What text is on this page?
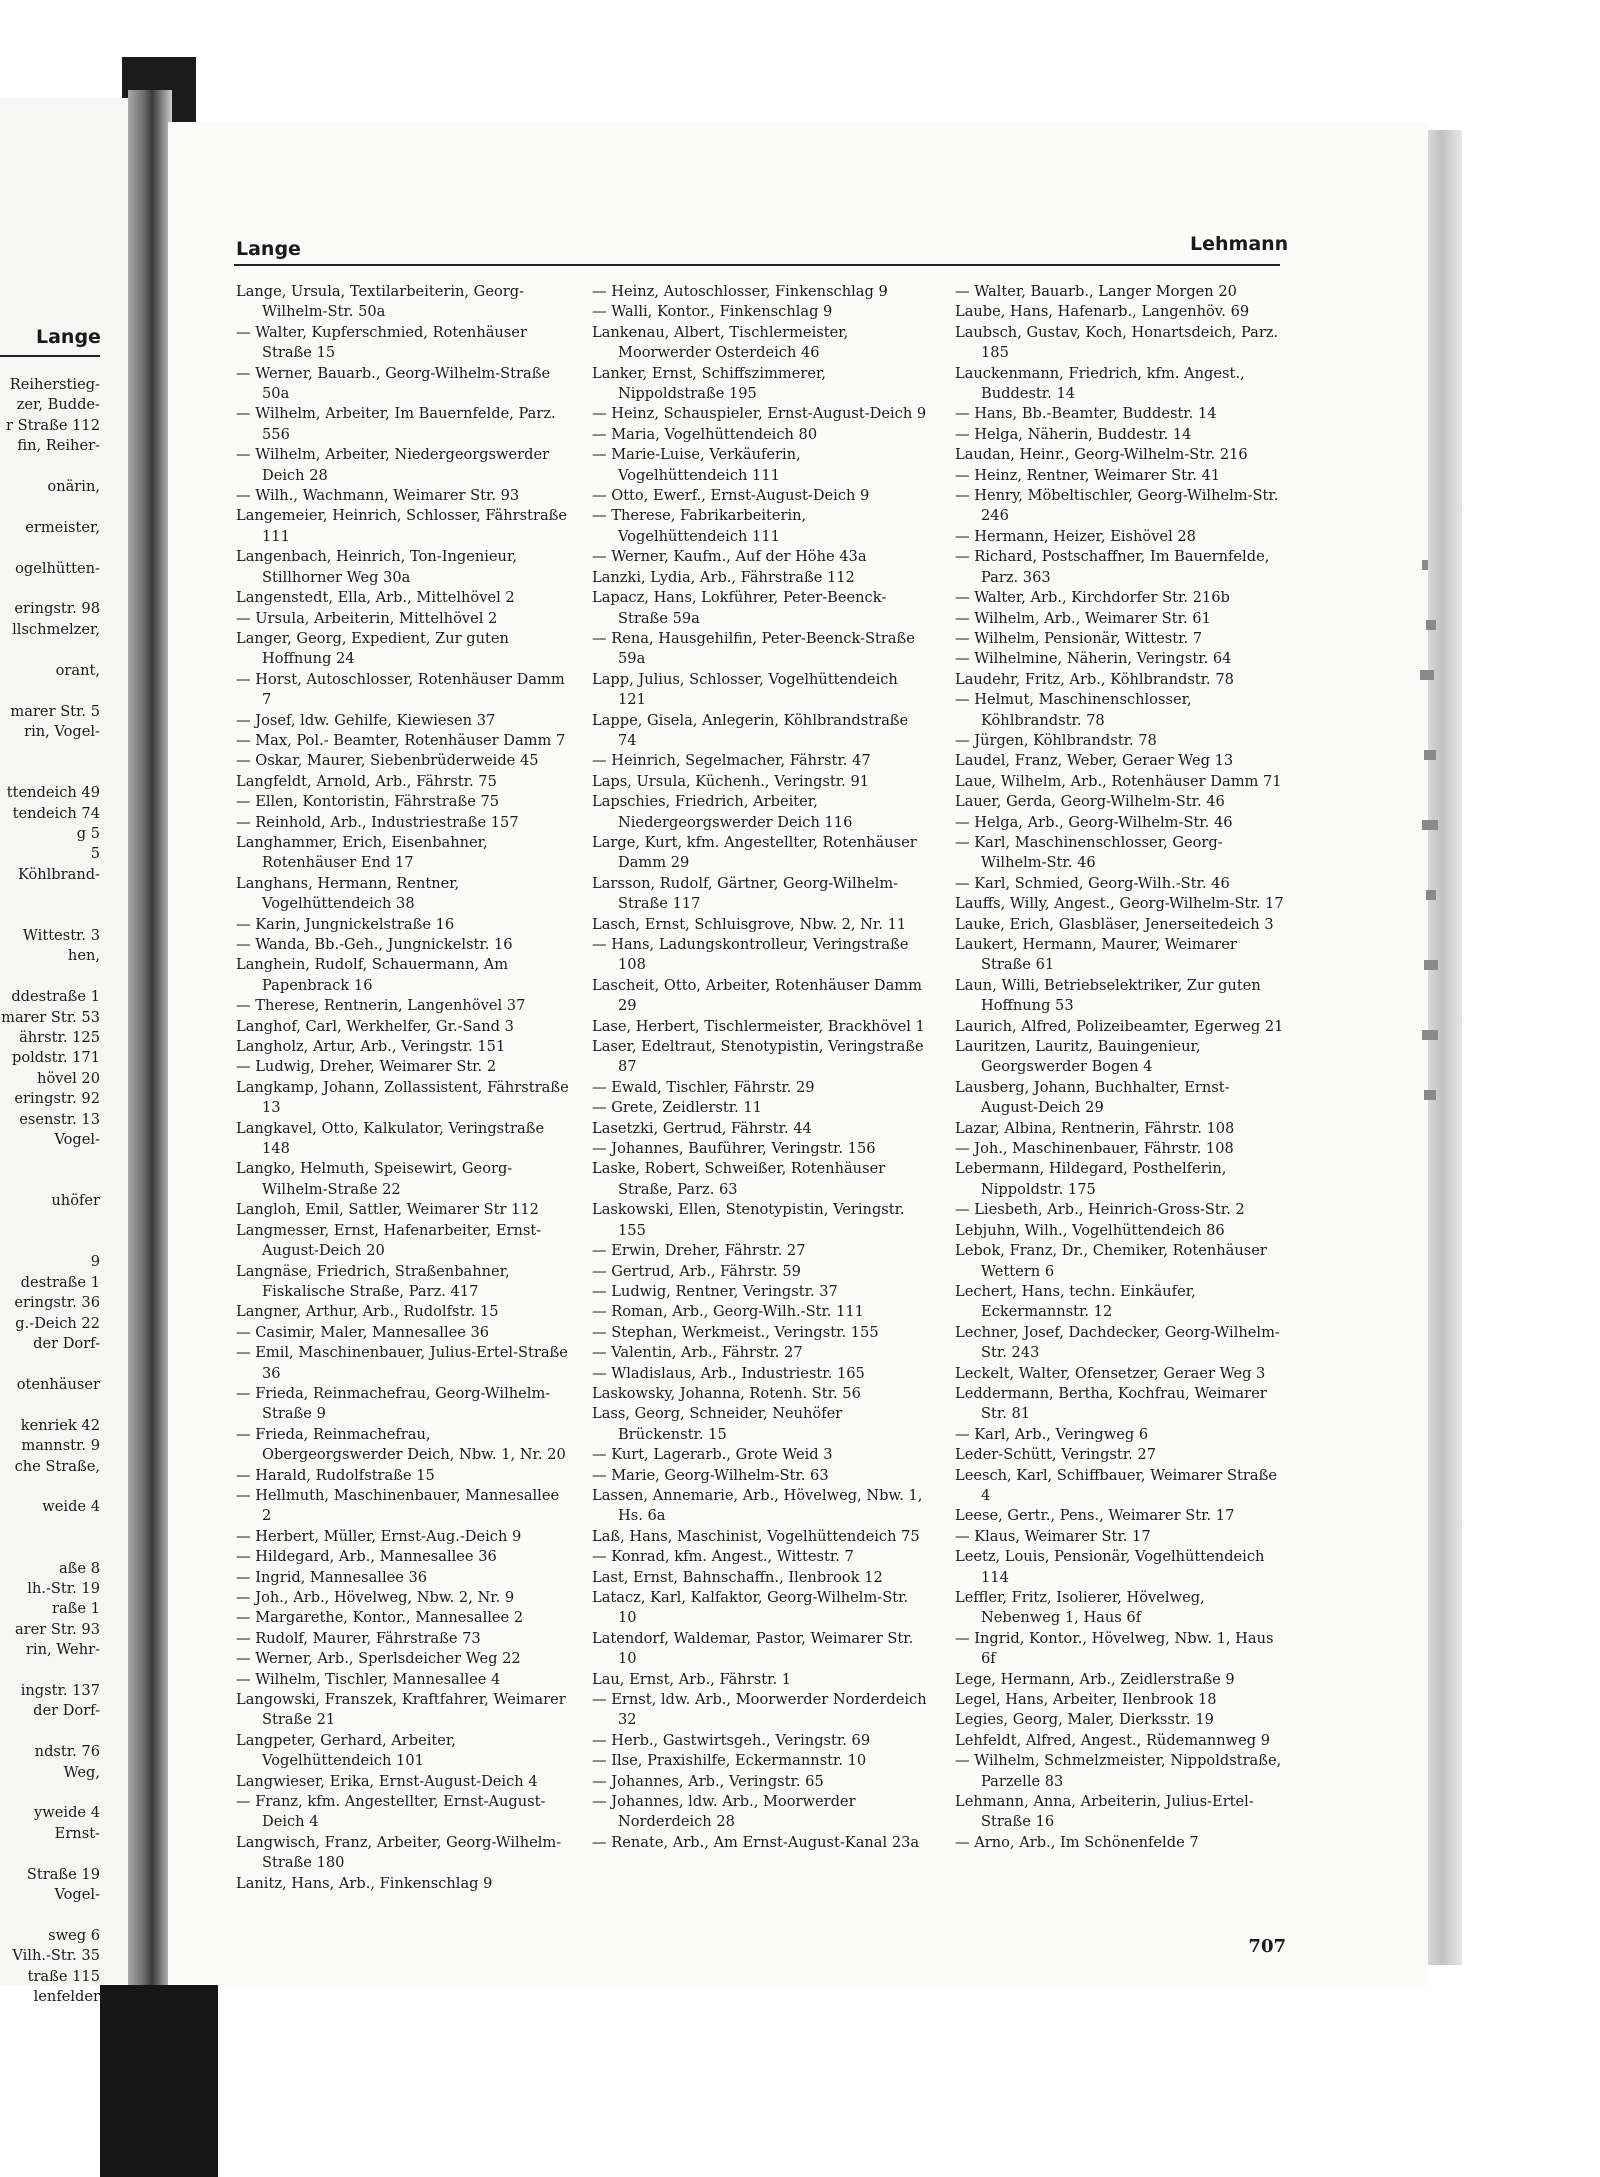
Lange
Reiherstieg-
zer, Budde-
r Straße 112
fin, Reiher-

onärin,

ermeister,

ogelhütten-

eringstr. 98
llschmelzer,

orant,

marer Str. 5
rin, Vogel-

ttendeich 49
tendeich 74
g 5
5
Köhlbrand-

Wittestr. 3
hen,

ddestraße 1
marer Str. 53
ährstr. 125
poldstr. 171
hövel 20
eringstr. 92
esenstr. 13
Vogel-

uhöfer

9
destraße 1
eringstr. 36
g.-Deich 22
der Dorf-

otenhäuser

kenriek 42
mannstr. 9
che Straße,

weide 4

aße 8
lh.-Str. 19
raße 1
arer Str. 93
rin, Wehr-

ingstr. 137
der Dorf-

ndstr. 76
Weg,

yweide 4
Ernst-

Straße 19
Vogel-

sweg 6
Vilh.-Str. 35
traße 115
lenfelder
Lange	Lehmann
Lange, Ursula, Textilarbeiterin, Georg-Wilhelm-Str. 50a
— Walter, Kupferschmied, Rotenhäuser Straße 15
— Werner, Bauarb., Georg-Wilhelm-Straße 50a
— Wilhelm, Arbeiter, Im Bauernfelde, Parz. 556
— Wilhelm, Arbeiter, Niedergeorgswerder Deich 28
— Wilh., Wachmann, Weimarer Str. 93
Langemeier, Heinrich, Schlosser, Fährstraße 111
Langenbach, Heinrich, Ton-Ingenieur, Stillhorner Weg 30a
Langenstedt, Ella, Arb., Mittelhövel 2
— Ursula, Arbeiterin, Mittelhövel 2
Langer, Georg, Expedient, Zur guten Hoffnung 24
— Horst, Autoschlosser, Rotenhäuser Damm 7
— Josef, ldw. Gehilfe, Kiewiesen 37
— Max, Pol.- Beamter, Rotenhäuser Damm 7
— Oskar, Maurer, Siebenbrüderweide 45
Langfeldt, Arnold, Arb., Fährstr. 75
— Ellen, Kontoristin, Fährstraße 75
— Reinhold, Arb., Industriestraße 157
Langhammer, Erich, Eisenbahner, Rotenhäuser End 17
Langhans, Hermann, Rentner, Vogelhüttendeich 38
— Karin, Jungnickelstraße 16
— Wanda, Bb.-Geh., Jungnickelstr. 16
Langhein, Rudolf, Schauermann, Am Papenbrack 16
— Therese, Rentnerin, Langenhövel 37
Langhof, Carl, Werkhelfer, Gr.-Sand 3
Langholz, Artur, Arb., Veringstr. 151
— Ludwig, Dreher, Weimarer Str. 2
Langkamp, Johann, Zollassistent, Fährstraße 13
Langkavel, Otto, Kalkulator, Veringstraße 148
Langko, Helmuth, Speisewirt, Georg-Wilhelm-Straße 22
Langloh, Emil, Sattler, Weimarer Str 112
Langmesser, Ernst, Hafenarbeiter, Ernst-August-Deich 20
Langnäse, Friedrich, Straßenbahner, Fiskalische Straße, Parz. 417
Langner, Arthur, Arb., Rudolfstr. 15
— Casimir, Maler, Mannesallee 36
— Emil, Maschinenbauer, Julius-Ertel-Straße 36
— Frieda, Reinmachefrau, Georg-Wilhelm-Straße 9
— Frieda, Reinmachefrau, Obergeorgswerder Deich, Nbw. 1, Nr. 20
— Harald, Rudolfstraße 15
— Hellmuth, Maschinenbauer, Mannesallee 2
— Herbert, Müller, Ernst-Aug.-Deich 9
— Hildegard, Arb., Mannesallee 36
— Ingrid, Mannesallee 36
— Joh., Arb., Hövelweg, Nbw. 2, Nr. 9
— Margarethe, Kontor., Mannesallee 2
— Rudolf, Maurer, Fährstraße 73
— Werner, Arb., Sperlsdeicher Weg 22
— Wilhelm, Tischler, Mannesallee 4
Langowski, Franszek, Kraftfahrer, Weimarer Straße 21
Langpeter, Gerhard, Arbeiter, Vogelhüttendeich 101
Langwieser, Erika, Ernst-August-Deich 4
— Franz, kfm. Angestellter, Ernst-August-Deich 4
Langwisch, Franz, Arbeiter, Georg-Wilhelm-Straße 180
Lanitz, Hans, Arb., Finkenschlag 9
— Heinz, Autoschlosser, Finkenschlag 9
— Walli, Kontor., Finkenschlag 9
Lankenau, Albert, Tischlermeister, Moorwerder Osterdeich 46
Lanker, Ernst, Schiffszimmerer, Nippoldstraße 195
— Heinz, Schauspieler, Ernst-August-Deich 9
— Maria, Vogelhüttendeich 80
— Marie-Luise, Verkäuferin, Vogelhüttendeich 111
— Otto, Ewerf., Ernst-August-Deich 9
— Therese, Fabrikarbeiterin, Vogelhüttendeich 111
— Werner, Kaufm., Auf der Höhe 43a
Lanzki, Lydia, Arb., Fährstraße 112
Lapacz, Hans, Lokführer, Peter-Beenck-Straße 59a
— Rena, Hausgehilfin, Peter-Beenck-Straße 59a
Lapp, Julius, Schlosser, Vogelhüttendeich 121
Lappe, Gisela, Anlegerin, Köhlbrandstraße 74
— Heinrich, Segelmacher, Fährstr. 47
Laps, Ursula, Küchenh., Veringstr. 91
Lapschies, Friedrich, Arbeiter, Niedergeorgswerder Deich 116
Large, Kurt, kfm. Angestellter, Rotenhäuser Damm 29
Larsson, Rudolf, Gärtner, Georg-Wilhelm-Straße 117
Lasch, Ernst, Schluisgrove, Nbw. 2, Nr. 11
— Hans, Ladungskontrolleur, Veringstraße 108
Lascheit, Otto, Arbeiter, Rotenhäuser Damm 29
Lase, Herbert, Tischlermeister, Brackhövel 1
Laser, Edeltraut, Stenotypistin, Veringstraße 87
— Ewald, Tischler, Fährstr. 29
— Grete, Zeidlerstr. 11
Lasetzki, Gertrud, Fährstr. 44
— Johannes, Bauführer, Veringstr. 156
Laske, Robert, Schweißer, Rotenhäuser Straße, Parz. 63
Laskowski, Ellen, Stenotypistin, Veringstr. 155
— Erwin, Dreher, Fährstr. 27
— Gertrud, Arb., Fährstr. 59
— Ludwig, Rentner, Veringstr. 37
— Roman, Arb., Georg-Wilh.-Str. 111
— Stephan, Werkmeist., Veringstr. 155
— Valentin, Arb., Fährstr. 27
— Wladislaus, Arb., Industriestr. 165
Laskowsky, Johanna, Rotenh. Str. 56
Lass, Georg, Schneider, Neuhöfer Brückenstr. 15
— Kurt, Lagerarb., Grote Weid 3
— Marie, Georg-Wilhelm-Str. 63
Lassen, Annemarie, Arb., Hövelweg, Nbw. 1, Hs. 6a
Laß, Hans, Maschinist, Vogelhüttendeich 75
— Konrad, kfm. Angest., Wittestr. 7
Last, Ernst, Bahnschaffn., Ilenbrook 12
Latacz, Karl, Kalfaktor, Georg-Wilhelm-Str. 10
Latendorf, Waldemar, Pastor, Weimarer Str. 10
Lau, Ernst, Arb., Fährstr. 1
— Ernst, ldw. Arb., Moorwerder Norderdeich 32
— Herb., Gastwirtsgeh., Veringstr. 69
— Ilse, Praxishilfe, Eckermannstr. 10
— Johannes, Arb., Veringstr. 65
— Johannes, ldw. Arb., Moorwerder Norderdeich 28
— Renate, Arb., Am Ernst-August-Kanal 23a
— Walter, Bauarb., Langer Morgen 20
Laube, Hans, Hafenarb., Langenhöv. 69
Laubsch, Gustav, Koch, Honartsdeich, Parz. 185
Lauckenmann, Friedrich, kfm. Angest., Buddestr. 14
— Hans, Bb.-Beamter, Buddestr. 14
— Helga, Näherin, Buddestr. 14
Laudan, Heinr., Georg-Wilhelm-Str. 216
— Heinz, Rentner, Weimarer Str. 41
— Henry, Möbeltischler, Georg-Wilhelm-Str. 246
— Hermann, Heizer, Eishövel 28
— Richard, Postschaffner, Im Bauernfelde, Parz. 363
— Walter, Arb., Kirchdorfer Str. 216b
— Wilhelm, Arb., Weimarer Str. 61
— Wilhelm, Pensionär, Wittestr. 7
— Wilhelmine, Näherin, Veringstr. 64
Laudehr, Fritz, Arb., Köhlbrandstr. 78
— Helmut, Maschinenschlosser, Köhlbrandstr. 78
— Jürgen, Köhlbrandstr. 78
Laudel, Franz, Weber, Geraer Weg 13
Laue, Wilhelm, Arb., Rotenhäuser Damm 71
Lauer, Gerda, Georg-Wilhelm-Str. 46
— Helga, Arb., Georg-Wilhelm-Str. 46
— Karl, Maschinenschlosser, Georg-Wilhelm-Str. 46
— Karl, Schmied, Georg-Wilh.-Str. 46
Lauffs, Willy, Angest., Georg-Wilhelm-Str. 17
Lauke, Erich, Glasbläser, Jenerseitedeich 3
Laukert, Hermann, Maurer, Weimarer Straße 61
Laun, Willi, Betriebselektriker, Zur guten Hoffnung 53
Laurich, Alfred, Polizeibeamter, Egerweg 21
Lauritzen, Lauritz, Bauingenieur, Georgswerder Bogen 4
Lausberg, Johann, Buchhalter, Ernst-August-Deich 29
Lazar, Albina, Rentnerin, Fährstr. 108
— Joh., Maschinenbauer, Fährstr. 108
Lebermann, Hildegard, Posthelferin, Nippoldstr. 175
— Liesbeth, Arb., Heinrich-Gross-Str. 2
Lebjuhn, Wilh., Vogelhüttendeich 86
Lebok, Franz, Dr., Chemiker, Rotenhäuser Wettern 6
Lechert, Hans, techn. Einkäufer, Eckermannstr. 12
Lechner, Josef, Dachdecker, Georg-Wilhelm-Str. 243
Leckelt, Walter, Ofensetzer, Geraer Weg 3
Leddermann, Bertha, Kochfrau, Weimarer Str. 81
— Karl, Arb., Veringweg 6
Leder-Schütt, Veringstr. 27
Leesch, Karl, Schiffbauer, Weimarer Straße 4
Leese, Gertr., Pens., Weimarer Str. 17
— Klaus, Weimarer Str. 17
Leetz, Louis, Pensionär, Vogelhüttendeich 114
Leffler, Fritz, Isolierer, Hövelweg, Nebenweg 1, Haus 6f
— Ingrid, Kontor., Hövelweg, Nbw. 1, Haus 6f
Lege, Hermann, Arb., Zeidlerstraße 9
Legel, Hans, Arbeiter, Ilenbrook 18
Legies, Georg, Maler, Dierksstr. 19
Lehfeldt, Alfred, Angest., Rüdemannweg 9
— Wilhelm, Schmelzmeister, Nippoldstraße, Parzelle 83
Lehmann, Anna, Arbeiterin, Julius-Ertel-Straße 16
— Arno, Arb., Im Schönenfelde 7
707
